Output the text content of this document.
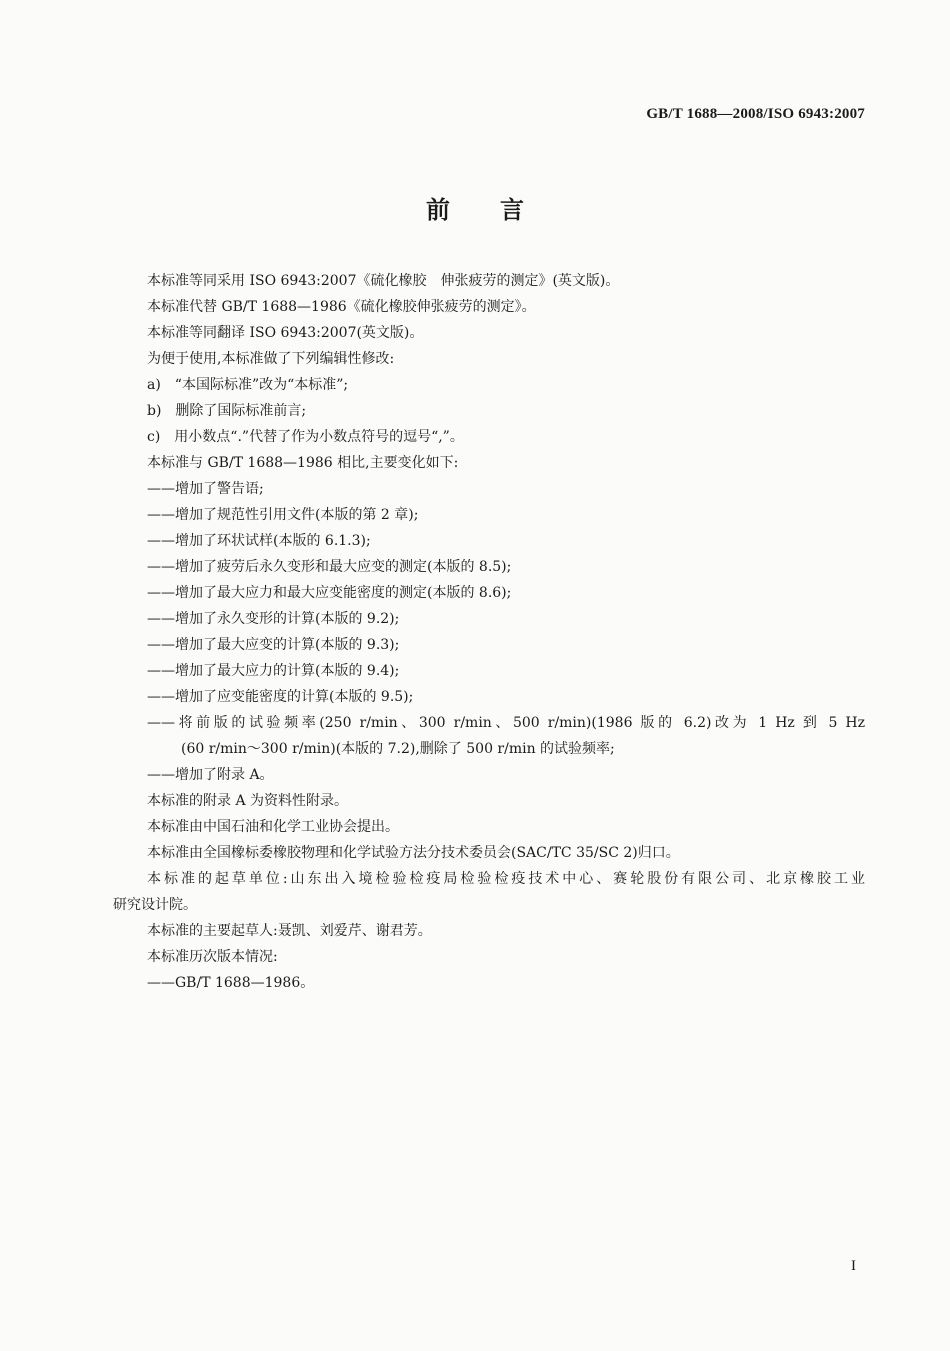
GB/T 1688—2008/ISO 6943:2007
前言
本标准等同采用 ISO 6943:2007《硫化橡胶　伸张疲劳的测定》(英文版)。
本标准代替 GB/T 1688—1986《硫化橡胶伸张疲劳的测定》。
本标准等同翻译 ISO 6943:2007(英文版)。
为便于使用,本标准做了下列编辑性修改:
a)　“本国际标准”改为“本标准”;
b)　删除了国际标准前言;
c)　用小数点“.”代替了作为小数点符号的逗号“,”。
本标准与 GB/T 1688—1986 相比,主要变化如下:
——增加了警告语;
——增加了规范性引用文件(本版的第 2 章);
——增加了环状试样(本版的 6.1.3);
——增加了疲劳后永久变形和最大应变的测定(本版的 8.5);
——增加了最大应力和最大应变能密度的测定(本版的 8.6);
——增加了永久变形的计算(本版的 9.2);
——增加了最大应变的计算(本版的 9.3);
——增加了最大应力的计算(本版的 9.4);
——增加了应变能密度的计算(本版的 9.5);
——将前版的试验频率(250 r/min、300 r/min、500 r/min)(1986 版的 6.2)改为 1 Hz 到 5 Hz
(60 r/min～300 r/min)(本版的 7.2),删除了 500 r/min 的试验频率;
——增加了附录 A。
本标准的附录 A 为资料性附录。
本标准由中国石油和化学工业协会提出。
本标准由全国橡标委橡胶物理和化学试验方法分技术委员会(SAC/TC 35/SC 2)归口。
本标准的起草单位:山东出入境检验检疫局检验检疫技术中心、赛轮股份有限公司、北京橡胶工业
研究设计院。
本标准的主要起草人:聂凯、刘爱芹、谢君芳。
本标准历次版本情况:
——GB/T 1688—1986。
I
